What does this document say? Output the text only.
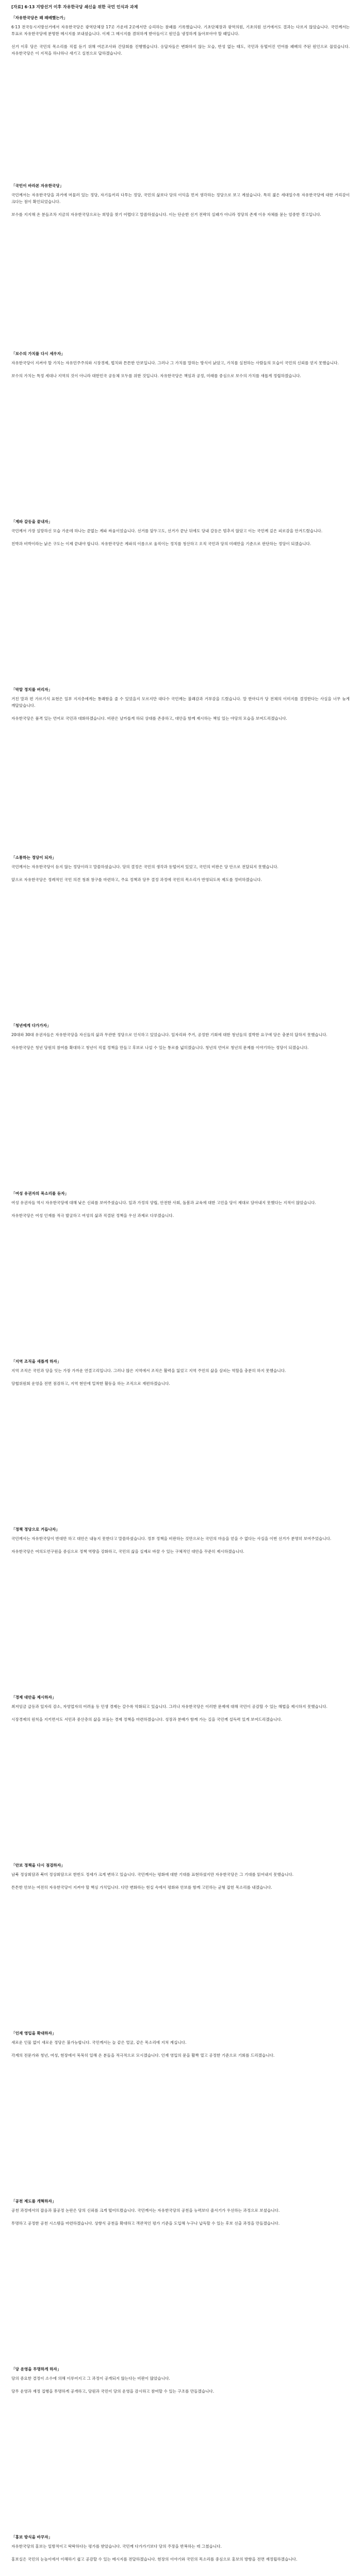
[자료] 6·13 지방선거 이후 자유한국당 쇄신을 위한 국민 인식과 과제
「자유한국당은 왜 패배했는가」

6·13 전국동시지방선거에서 자유한국당은 광역단체장 17곳 가운데 2곳에서만 승리하는 참패를 기록했습니다. 기초단체장과 광역의원, 기초의원 선거에서도 결과는 다르지 않았습니다. 국민께서는 투표로 자유한국당에 분명한 메시지를 보내셨습니다. 이제 그 메시지를 겸허하게 받아들이고 원인을 냉정하게 돌아보아야 할 때입니다.

선거 이후 당은 국민의 목소리를 직접 듣기 위해 여론조사와 간담회를 진행했습니다. 응답자들은 변화하지 않는 모습, 반성 없는 태도, 국민과 동떨어진 언어를 패배의 주된 원인으로 꼽았습니다. 자유한국당은 이 지적을 하나하나 새기고 실천으로 답하겠습니다.

「국민이 바라본 자유한국당」

국민께서는 자유한국당을 과거에 머물러 있는 정당, 자기들끼리 다투는 정당, 국민의 삶보다 당의 이익을 먼저 생각하는 정당으로 보고 계셨습니다. 특히 젊은 세대일수록 자유한국당에 대한 거리감이 크다는 점이 확인되었습니다.

보수를 지지해 온 분들조차 지금의 자유한국당으로는 희망을 찾기 어렵다고 말씀하셨습니다. 이는 단순한 선거 전략의 실패가 아니라 정당의 존재 이유 자체를 묻는 엄중한 경고입니다.

「보수의 가치를 다시 세우자」

자유한국당이 지켜야 할 가치는 자유민주주의와 시장경제, 법치와 튼튼한 안보입니다. 그러나 그 가치를 말하는 방식이 낡았고, 가치를 실천하는 사람들의 모습이 국민의 신뢰를 얻지 못했습니다.

보수의 가치는 특정 세대나 지역의 것이 아니라 대한민국 공동체 모두를 위한 것입니다. 자유한국당은 책임과 공정, 미래를 중심으로 보수의 가치를 새롭게 정립하겠습니다.

「계파 갈등을 끝내자」

국민께서 가장 실망하신 모습 가운데 하나는 끝없는 계파 싸움이었습니다. 선거를 앞두고도, 선거가 끝난 뒤에도 당내 갈등은 멈추지 않았고 이는 국민께 깊은 피로감을 안겨드렸습니다.

친박과 비박이라는 낡은 구도는 이제 끝내야 합니다. 자유한국당은 계파의 이름으로 움직이는 정치를 청산하고 오직 국민과 당의 미래만을 기준으로 판단하는 정당이 되겠습니다.

「막말 정치를 버리자」

거친 말과 편 가르기식 표현은 일부 지지층에게는 통쾌함을 줄 수 있었을지 모르지만 대다수 국민께는 불쾌감과 거부감을 드렸습니다. 말 한마디가 당 전체의 이미지를 결정한다는 사실을 너무 늦게 깨달았습니다.

자유한국당은 품격 있는 언어로 국민과 대화하겠습니다. 비판은 날카롭게 하되 상대를 존중하고, 대안을 함께 제시하는 책임 있는 야당의 모습을 보여드리겠습니다.

「소통하는 정당이 되자」

국민께서는 자유한국당이 듣지 않는 정당이라고 말씀하셨습니다. 당의 결정은 국민의 생각과 동떨어져 있었고, 국민의 비판은 당 안으로 전달되지 못했습니다.

앞으로 자유한국당은 정례적인 국민 의견 청취 창구를 마련하고, 주요 정책과 당무 결정 과정에 국민의 목소리가 반영되도록 제도를 정비하겠습니다.

「청년에게 다가가자」

20대와 30대 유권자들은 자유한국당을 자신들의 삶과 무관한 정당으로 인식하고 있었습니다. 일자리와 주거, 공정한 기회에 대한 청년들의 절박한 요구에 당은 충분히 답하지 못했습니다.

자유한국당은 청년 당원의 참여를 확대하고 청년이 직접 정책을 만들고 후보로 나설 수 있는 통로를 넓히겠습니다. 청년의 언어로 청년의 문제를 이야기하는 정당이 되겠습니다.

「여성 유권자의 목소리를 듣자」

여성 유권자들 역시 자유한국당에 대해 낮은 신뢰를 보여주셨습니다. 일과 가정의 양립, 안전한 사회, 돌봄과 교육에 대한 고민을 당이 제대로 담아내지 못했다는 지적이 많았습니다.

자유한국당은 여성 인재를 적극 발굴하고 여성의 삶과 직결된 정책을 우선 과제로 다루겠습니다.

「지역 조직을 새롭게 하자」

지역 조직은 국민과 당을 잇는 가장 가까운 연결고리입니다. 그러나 많은 지역에서 조직은 활력을 잃었고 지역 주민의 삶을 살피는 역할을 충분히 하지 못했습니다.

당협위원회 운영을 전면 점검하고, 지역 현안에 밀착한 활동을 하는 조직으로 재편하겠습니다.

「정책 정당으로 거듭나자」

국민께서는 자유한국당이 반대만 하고 대안은 내놓지 못한다고 말씀하셨습니다. 정부 정책을 비판하는 것만으로는 국민의 마음을 얻을 수 없다는 사실을 이번 선거가 분명히 보여주었습니다.

자유한국당은 여의도연구원을 중심으로 정책 역량을 강화하고, 국민의 삶을 실제로 바꿀 수 있는 구체적인 대안을 꾸준히 제시하겠습니다.

「경제 대안을 제시하자」

최저임금 급등과 일자리 감소, 자영업자의 어려움 등 민생 경제는 갈수록 악화되고 있습니다. 그러나 자유한국당은 이러한 문제에 대해 국민이 공감할 수 있는 해법을 제시하지 못했습니다.

시장경제의 원칙을 지키면서도 서민과 중산층의 삶을 보듬는 경제 정책을 마련하겠습니다. 성장과 분배가 함께 가는 길을 국민께 설득력 있게 보여드리겠습니다.

「안보 정책을 다시 점검하자」

남북 정상회담과 북미 정상회담으로 한반도 정세가 크게 변하고 있습니다. 국민께서는 평화에 대한 기대를 표현하셨지만 자유한국당은 그 기대를 읽어내지 못했습니다.

튼튼한 안보는 여전히 자유한국당이 지켜야 할 핵심 가치입니다. 다만 변화하는 현실 속에서 평화와 안보를 함께 고민하는 균형 잡힌 목소리를 내겠습니다.

「인재 영입을 확대하자」

새로운 인물 없이 새로운 정당은 불가능합니다. 국민께서는 늘 같은 얼굴, 같은 목소리에 지쳐 계십니다.

각계의 전문가와 청년, 여성, 현장에서 묵묵히 일해 온 분들을 적극적으로 모시겠습니다. 인재 영입의 문을 활짝 열고 공정한 기준으로 기회를 드리겠습니다.

「공천 제도를 개혁하자」

공천 과정에서의 잡음과 불공정 논란은 당의 신뢰를 크게 떨어뜨렸습니다. 국민께서는 자유한국당의 공천을 능력보다 줄서기가 우선하는 과정으로 보셨습니다.

투명하고 공정한 공천 시스템을 마련하겠습니다. 상향식 공천을 확대하고 객관적인 평가 기준을 도입해 누구나 납득할 수 있는 후보 선출 과정을 만들겠습니다.

「당 운영을 투명하게 하자」

당의 중요한 결정이 소수에 의해 이루어지고 그 과정이 공개되지 않는다는 비판이 많았습니다.

당무 운영과 재정 집행을 투명하게 공개하고, 당원과 국민이 당의 운영을 감시하고 참여할 수 있는 구조를 만들겠습니다.

「홍보 방식을 바꾸자」

자유한국당의 홍보는 일방적이고 딱딱하다는 평가를 받았습니다. 국민께 다가가기보다 당의 주장을 반복하는 데 그쳤습니다.

홍보실은 국민의 눈높이에서 이해하기 쉽고 공감할 수 있는 메시지를 전달하겠습니다. 현장의 이야기와 국민의 목소리를 중심으로 홍보의 방향을 전면 재정립하겠습니다.
